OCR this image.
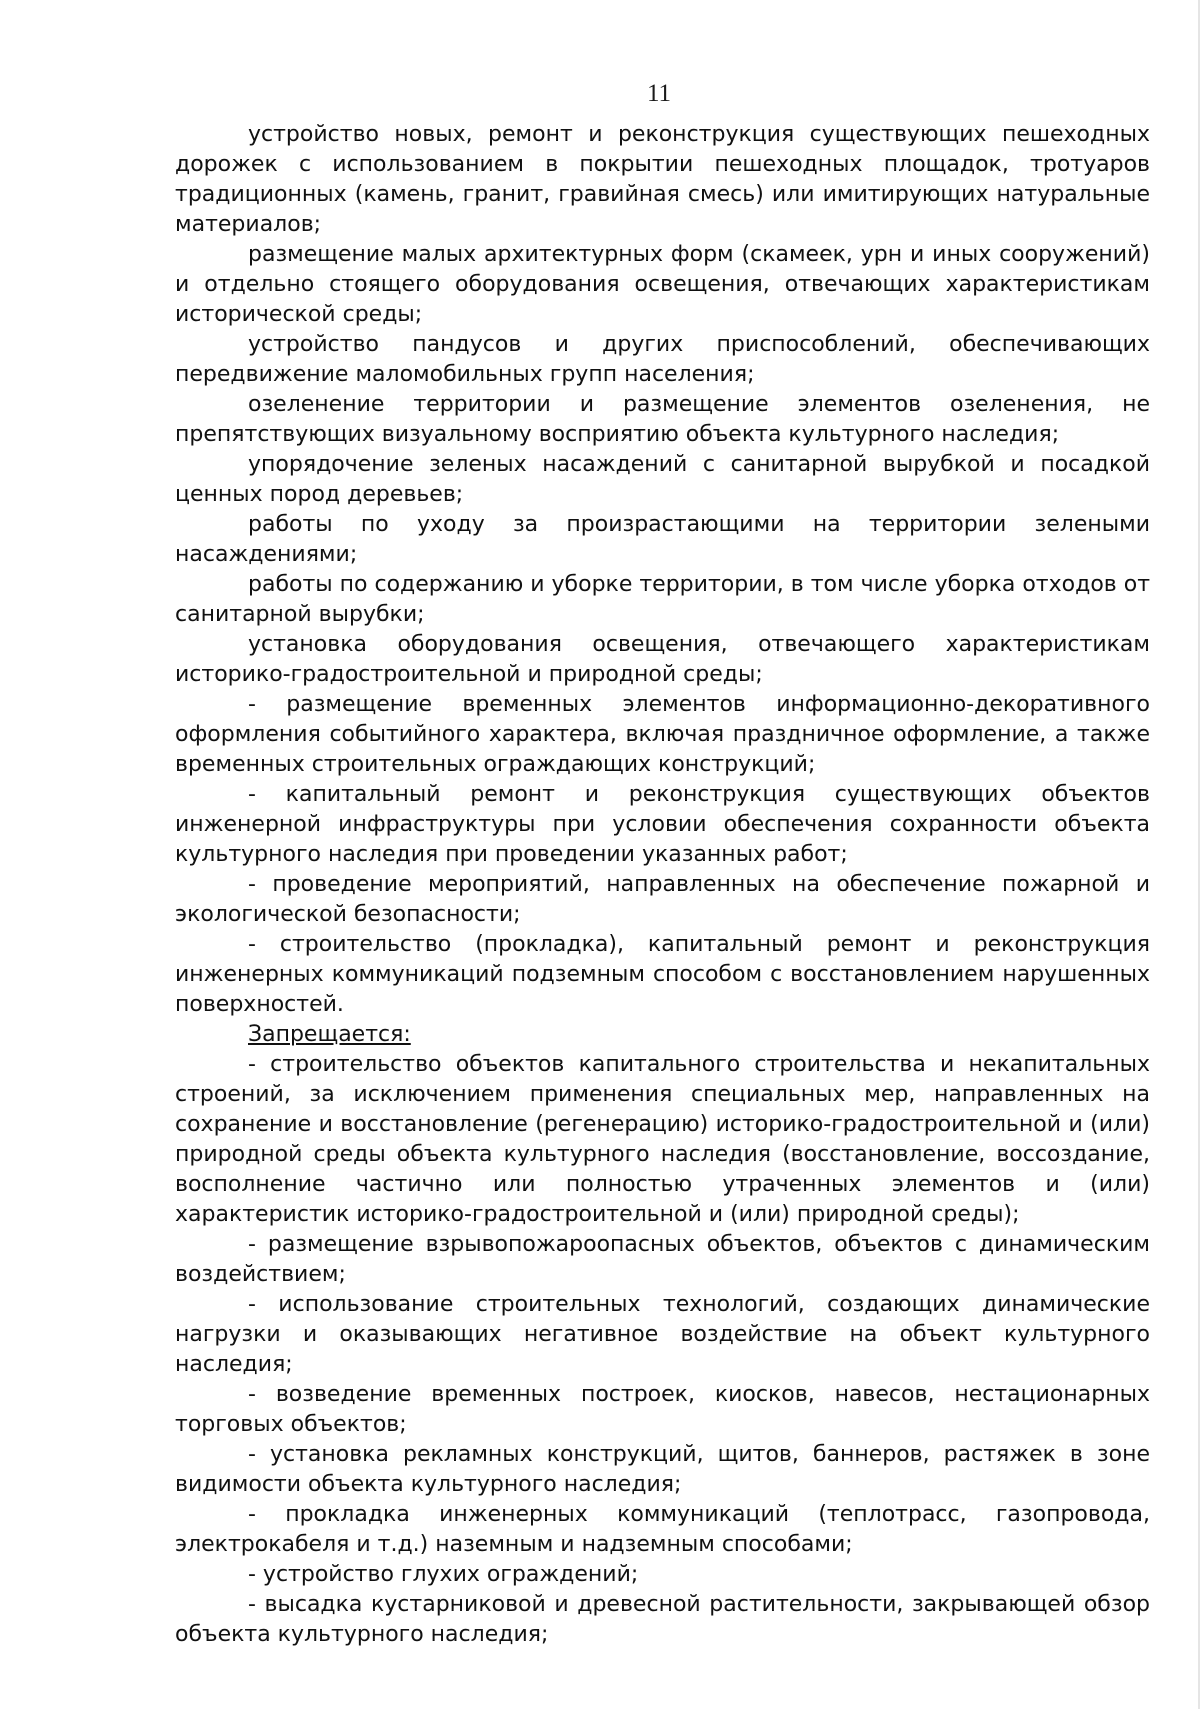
11

устройство новых, ремонт и реконструкция существующих пешеходных дорожек с использованием в покрытии пешеходных площадок, тротуаров традиционных (камень, гранит, гравийная смесь) или имитирующих натуральные материалов;

размещение малых архитектурных форм (скамеек, урн и иных сооружений) и отдельно стоящего оборудования освещения, отвечающих характеристикам исторической среды;

устройство пандусов и других приспособлений, обеспечивающих передвижение маломобильных групп населения;

озеленение территории и размещение элементов озеленения, не препятствующих визуальному восприятию объекта культурного наследия;

упорядочение зеленых насаждений с санитарной вырубкой и посадкой ценных пород деревьев;

работы по уходу за произрастающими на территории зелеными насаждениями;

работы по содержанию и уборке территории, в том числе уборка отходов от санитарной вырубки;

установка оборудования освещения, отвечающего характеристикам историко-градостроительной и природной среды;

- размещение временных элементов информационно-декоративного оформления событийного характера, включая праздничное оформление, а также временных строительных ограждающих конструкций;

- капитальный ремонт и реконструкция существующих объектов инженерной инфраструктуры при условии обеспечения сохранности объекта культурного наследия при проведении указанных работ;

- проведение мероприятий, направленных на обеспечение пожарной и экологической безопасности;

- строительство (прокладка), капитальный ремонт и реконструкция инженерных коммуникаций подземным способом с восстановлением нарушенных поверхностей.

Запрещается:

- строительство объектов капитального строительства и некапитальных строений, за исключением применения специальных мер, направленных на сохранение и восстановление (регенерацию) историко-градостроительной и (или) природной среды объекта культурного наследия (восстановление, воссоздание, восполнение частично или полностью утраченных элементов и (или) характеристик историко-градостроительной и (или) природной среды);

- размещение взрывопожароопасных объектов, объектов с динамическим воздействием;

- использование строительных технологий, создающих динамические нагрузки и оказывающих негативное воздействие на объект культурного наследия;

- возведение временных построек, киосков, навесов, нестационарных торговых объектов;

- установка рекламных конструкций, щитов, баннеров, растяжек в зоне видимости объекта культурного наследия;

- прокладка инженерных коммуникаций (теплотрасс, газопровода, электрокабеля и т.д.) наземным и надземным способами;

- устройство глухих ограждений;

- высадка кустарниковой и древесной растительности, закрывающей обзор объекта культурного наследия;
